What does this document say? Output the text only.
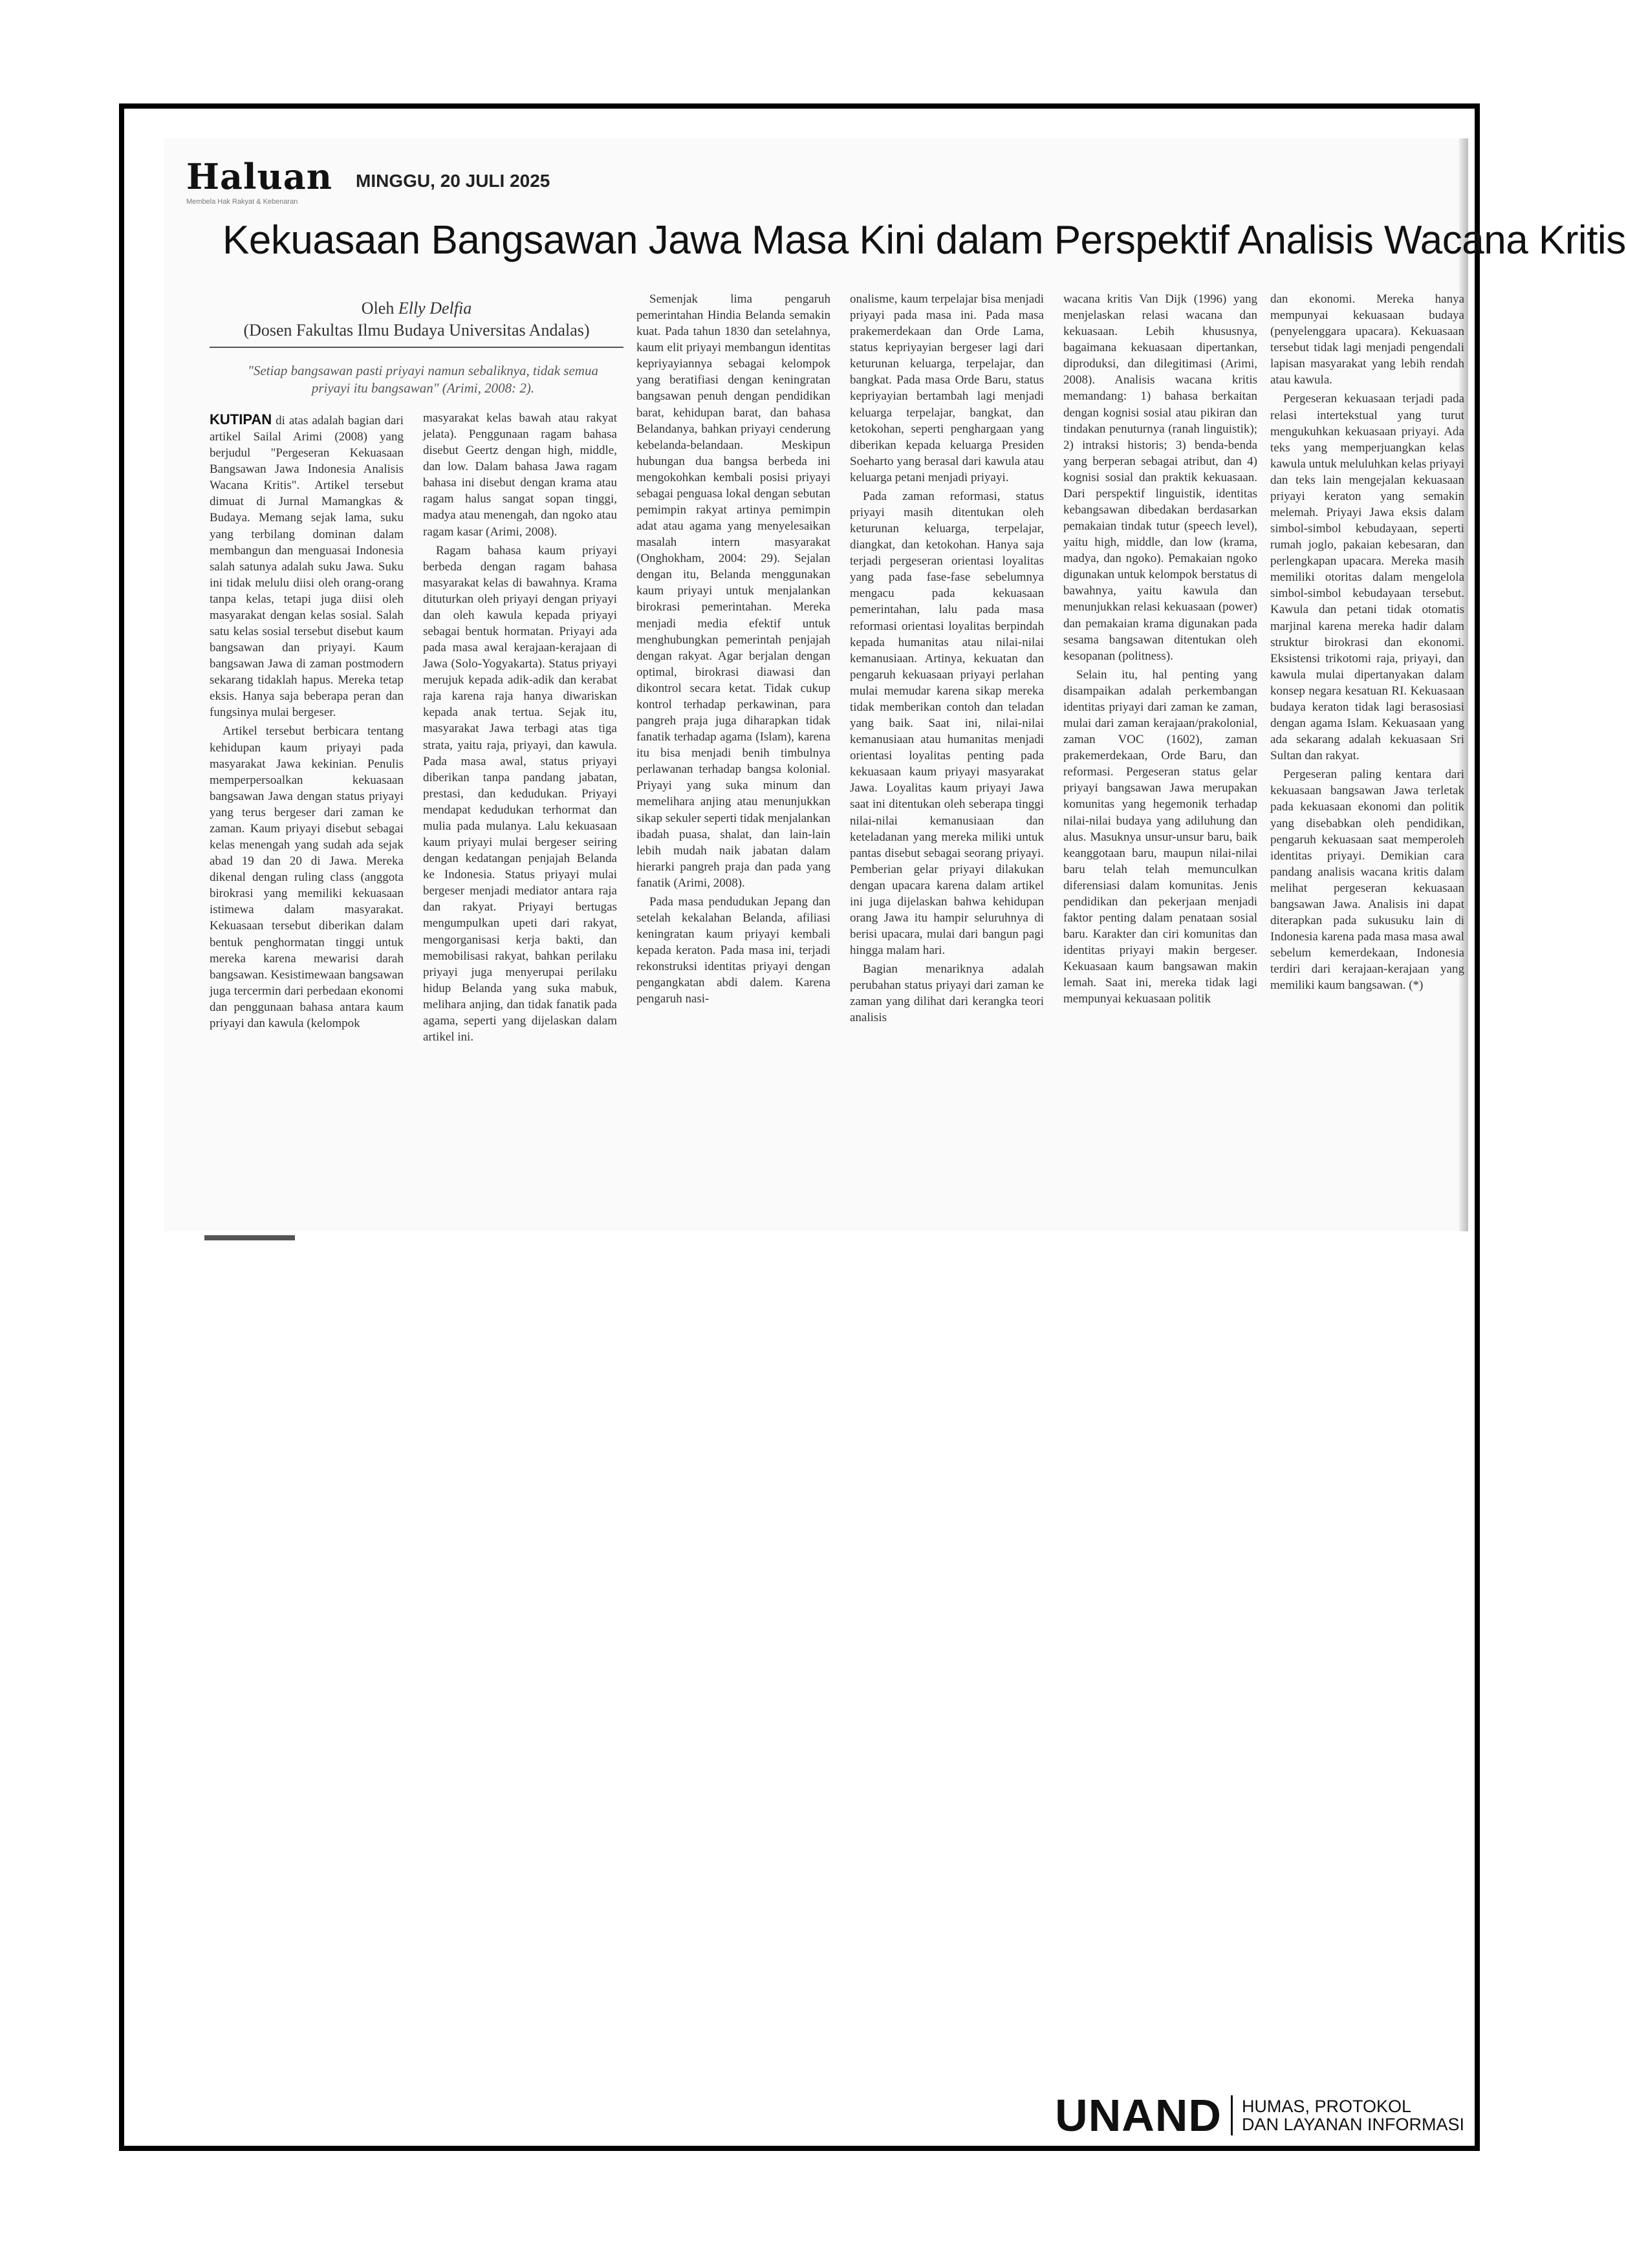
Haluan
Membela Hak Rakyat & Kebenaran
MINGGU, 20 JULI 2025
Kekuasaan Bangsawan Jawa Masa Kini dalam Perspektif Analisis Wacana Kritis
Oleh Elly Delfia
(Dosen Fakultas Ilmu Budaya Universitas Andalas)
"Setiap bangsawan pasti priyayi namun sebaliknya, tidak semua priyayi itu bangsawan" (Arimi, 2008: 2).

KUTIPAN di atas adalah bagian dari artikel Sailal Arimi (2008) yang berjudul "Pergeseran Kekuasaan Bangsawan Jawa Indonesia Analisis Wacana Kritis". Artikel tersebut dimuat di Jurnal Mamangkas & Budaya. Memang sejak lama, suku yang terbilang dominan dalam membangun dan menguasai Indonesia salah satunya adalah suku Jawa. Suku ini tidak melulu diisi oleh orang-orang tanpa kelas, tetapi juga diisi oleh masyarakat dengan kelas sosial. Salah satu kelas sosial tersebut disebut kaum bangsawan dan priyayi. Kaum bangsawan Jawa di zaman postmodern sekarang tidaklah hapus. Mereka tetap eksis. Hanya saja beberapa peran dan fungsinya mulai bergeser.

Artikel tersebut berbicara tentang kehidupan kaum priyayi pada masyarakat Jawa kekinian. Penulis memperpersoalkan kekuasaan bangsawan Jawa dengan status priyayi yang terus bergeser dari zaman ke zaman. Kaum priyayi disebut sebagai kelas menengah yang sudah ada sejak abad 19 dan 20 di Jawa. Mereka dikenal dengan ruling class (anggota birokrasi yang memiliki kekuasaan istimewa dalam masyarakat. Kekuasaan tersebut diberikan dalam bentuk penghormatan tinggi untuk mereka karena mewarisi darah bangsawan. Kesistimewaan bangsawan juga tercermin dari perbedaan ekonomi dan penggunaan bahasa antara kaum priyayi dan kawula (kelompok

masyarakat kelas bawah atau rakyat jelata). Penggunaan ragam bahasa disebut Geertz dengan high, middle, dan low. Dalam bahasa Jawa ragam bahasa ini disebut dengan krama atau ragam halus sangat sopan tinggi, madya atau menengah, dan ngoko atau ragam kasar (Arimi, 2008).

Ragam bahasa kaum priyayi berbeda dengan ragam bahasa masyarakat kelas di bawahnya. Krama dituturkan oleh priyayi dengan priyayi dan oleh kawula kepada priyayi sebagai bentuk hormatan. Priyayi ada pada masa awal kerajaan-kerajaan di Jawa (Solo-Yogyakarta). Status priyayi merujuk kepada adik-adik dan kerabat raja karena raja hanya diwariskan kepada anak tertua. Sejak itu, masyarakat Jawa terbagi atas tiga strata, yaitu raja, priyayi, dan kawula. Pada masa awal, status priyayi diberikan tanpa pandang jabatan, prestasi, dan kedudukan. Priyayi mendapat kedudukan terhormat dan mulia pada mulanya. Lalu kekuasaan kaum priyayi mulai bergeser seiring dengan kedatangan penjajah Belanda ke Indonesia. Status priyayi mulai bergeser menjadi mediator antara raja dan rakyat. Priyayi bertugas mengumpulkan upeti dari rakyat, mengorganisasi kerja bakti, dan memobilisasi rakyat, bahkan perilaku priyayi juga menyerupai perilaku hidup Belanda yang suka mabuk, melihara anjing, dan tidak fanatik pada agama, seperti yang dijelaskan dalam artikel ini.

Semenjak lima pengaruh pemerintahan Hindia Belanda semakin kuat. Pada tahun 1830 dan setelahnya, kaum elit priyayi membangun identitas kepriyayiannya sebagai kelompok yang beratifiasi dengan keningratan bangsawan penuh dengan pendidikan barat, kehidupan barat, dan bahasa Belandanya, bahkan priyayi cenderung kebelanda-belandaan. Meskipun hubungan dua bangsa berbeda ini mengokohkan kembali posisi priyayi sebagai penguasa lokal dengan sebutan pemimpin rakyat artinya pemimpin adat atau agama yang menyelesaikan masalah intern masyarakat (Onghokham, 2004: 29). Sejalan dengan itu, Belanda menggunakan kaum priyayi untuk menjalankan birokrasi pemerintahan. Mereka menjadi media efektif untuk menghubungkan pemerintah penjajah dengan rakyat. Agar berjalan dengan optimal, birokrasi diawasi dan dikontrol secara ketat. Tidak cukup kontrol terhadap perkawinan, para pangreh praja juga diharapkan tidak fanatik terhadap agama (Islam), karena itu bisa menjadi benih timbulnya perlawanan terhadap bangsa kolonial. Priyayi yang suka minum dan memelihara anjing atau menunjukkan sikap sekuler seperti tidak menjalankan ibadah puasa, shalat, dan lain-lain lebih mudah naik jabatan dalam hierarki pangreh praja dan pada yang fanatik (Arimi, 2008).

Pada masa pendudukan Jepang dan setelah kekalahan Belanda, afiliasi keningratan kaum priyayi kembali kepada keraton. Pada masa ini, terjadi rekonstruksi identitas priyayi dengan pengangkatan abdi dalem. Karena pengaruh nasi-

onalisme, kaum terpelajar bisa menjadi priyayi pada masa ini. Pada masa prakemerdekaan dan Orde Lama, status kepriyayian bergeser lagi dari keturunan keluarga, terpelajar, dan bangkat. Pada masa Orde Baru, status kepriyayian bertambah lagi menjadi keluarga terpelajar, bangkat, dan ketokohan, seperti penghargaan yang diberikan kepada keluarga Presiden Soeharto yang berasal dari kawula atau keluarga petani menjadi priyayi.

Pada zaman reformasi, status priyayi masih ditentukan oleh keturunan keluarga, terpelajar, diangkat, dan ketokohan. Hanya saja terjadi pergeseran orientasi loyalitas yang pada fase-fase sebelumnya mengacu pada kekuasaan pemerintahan, lalu pada masa reformasi orientasi loyalitas berpindah kepada humanitas atau nilai-nilai kemanusiaan. Artinya, kekuatan dan pengaruh kekuasaan priyayi perlahan mulai memudar karena sikap mereka tidak memberikan contoh dan teladan yang baik. Saat ini, nilai-nilai kemanusiaan atau humanitas menjadi orientasi loyalitas penting pada kekuasaan kaum priyayi masyarakat Jawa. Loyalitas kaum priyayi Jawa saat ini ditentukan oleh seberapa tinggi nilai-nilai kemanusiaan dan keteladanan yang mereka miliki untuk pantas disebut sebagai seorang priyayi. Pemberian gelar priyayi dilakukan dengan upacara karena dalam artikel ini juga dijelaskan bahwa kehidupan orang Jawa itu hampir seluruhnya di berisi upacara, mulai dari bangun pagi hingga malam hari.

Bagian menariknya adalah perubahan status priyayi dari zaman ke zaman yang dilihat dari kerangka teori analisis

wacana kritis Van Dijk (1996) yang menjelaskan relasi wacana dan kekuasaan. Lebih khususnya, bagaimana kekuasaan dipertankan, diproduksi, dan dilegitimasi (Arimi, 2008). Analisis wacana kritis memandang: 1) bahasa berkaitan dengan kognisi sosial atau pikiran dan tindakan penuturnya (ranah linguistik); 2) intraksi historis; 3) benda-benda yang berperan sebagai atribut, dan 4) kognisi sosial dan praktik kekuasaan. Dari perspektif linguistik, identitas kebangsawan dibedakan berdasarkan pemakaian tindak tutur (speech level), yaitu high, middle, dan low (krama, madya, dan ngoko). Pemakaian ngoko digunakan untuk kelompok berstatus di bawahnya, yaitu kawula dan menunjukkan relasi kekuasaan (power) dan pemakaian krama digunakan pada sesama bangsawan ditentukan oleh kesopanan (politness).

Selain itu, hal penting yang disampaikan adalah perkembangan identitas priyayi dari zaman ke zaman, mulai dari zaman kerajaan/prakolonial, zaman VOC (1602), zaman prakemerdekaan, Orde Baru, dan reformasi. Pergeseran status gelar priyayi bangsawan Jawa merupakan komunitas yang hegemonik terhadap nilai-nilai budaya yang adiluhung dan alus. Masuknya unsur-unsur baru, baik keanggotaan baru, maupun nilai-nilai baru telah telah memunculkan diferensiasi dalam komunitas. Jenis pendidikan dan pekerjaan menjadi faktor penting dalam penataan sosial baru. Karakter dan ciri komunitas dan identitas priyayi makin bergeser. Kekuasaan kaum bangsawan makin lemah. Saat ini, mereka tidak lagi mempunyai kekuasaan politik

dan ekonomi. Mereka hanya mempunyai kekuasaan budaya (penyelenggara upacara). Kekuasaan tersebut tidak lagi menjadi pengendali lapisan masyarakat yang lebih rendah atau kawula.

Pergeseran kekuasaan terjadi pada relasi intertekstual yang turut mengukuhkan kekuasaan priyayi. Ada teks yang memperjuangkan kelas kawula untuk meluluhkan kelas priyayi dan teks lain mengejalan kekuasaan priyayi keraton yang semakin melemah. Priyayi Jawa eksis dalam simbol-simbol kebudayaan, seperti rumah joglo, pakaian kebesaran, dan perlengkapan upacara. Mereka masih memiliki otoritas dalam mengelola simbol-simbol kebudayaan tersebut. Kawula dan petani tidak otomatis marjinal karena mereka hadir dalam struktur birokrasi dan ekonomi. Eksistensi trikotomi raja, priyayi, dan kawula mulai dipertanyakan dalam konsep negara kesatuan RI. Kekuasaan budaya keraton tidak lagi berasosiasi dengan agama Islam. Kekuasaan yang ada sekarang adalah kekuasaan Sri Sultan dan rakyat.

Pergeseran paling kentara dari kekuasaan bangsawan Jawa terletak pada kekuasaan ekonomi dan politik yang disebabkan oleh pendidikan, pengaruh kekuasaan saat memperoleh identitas priyayi. Demikian cara pandang analisis wacana kritis dalam melihat pergeseran kekuasaan bangsawan Jawa. Analisis ini dapat diterapkan pada sukusuku lain di Indonesia karena pada masa masa awal sebelum kemerdekaan, Indonesia terdiri dari kerajaan-kerajaan yang memiliki kaum bangsawan. (*)

UNAND HUMAS, PROTOKOL
DAN LAYANAN INFORMASI
